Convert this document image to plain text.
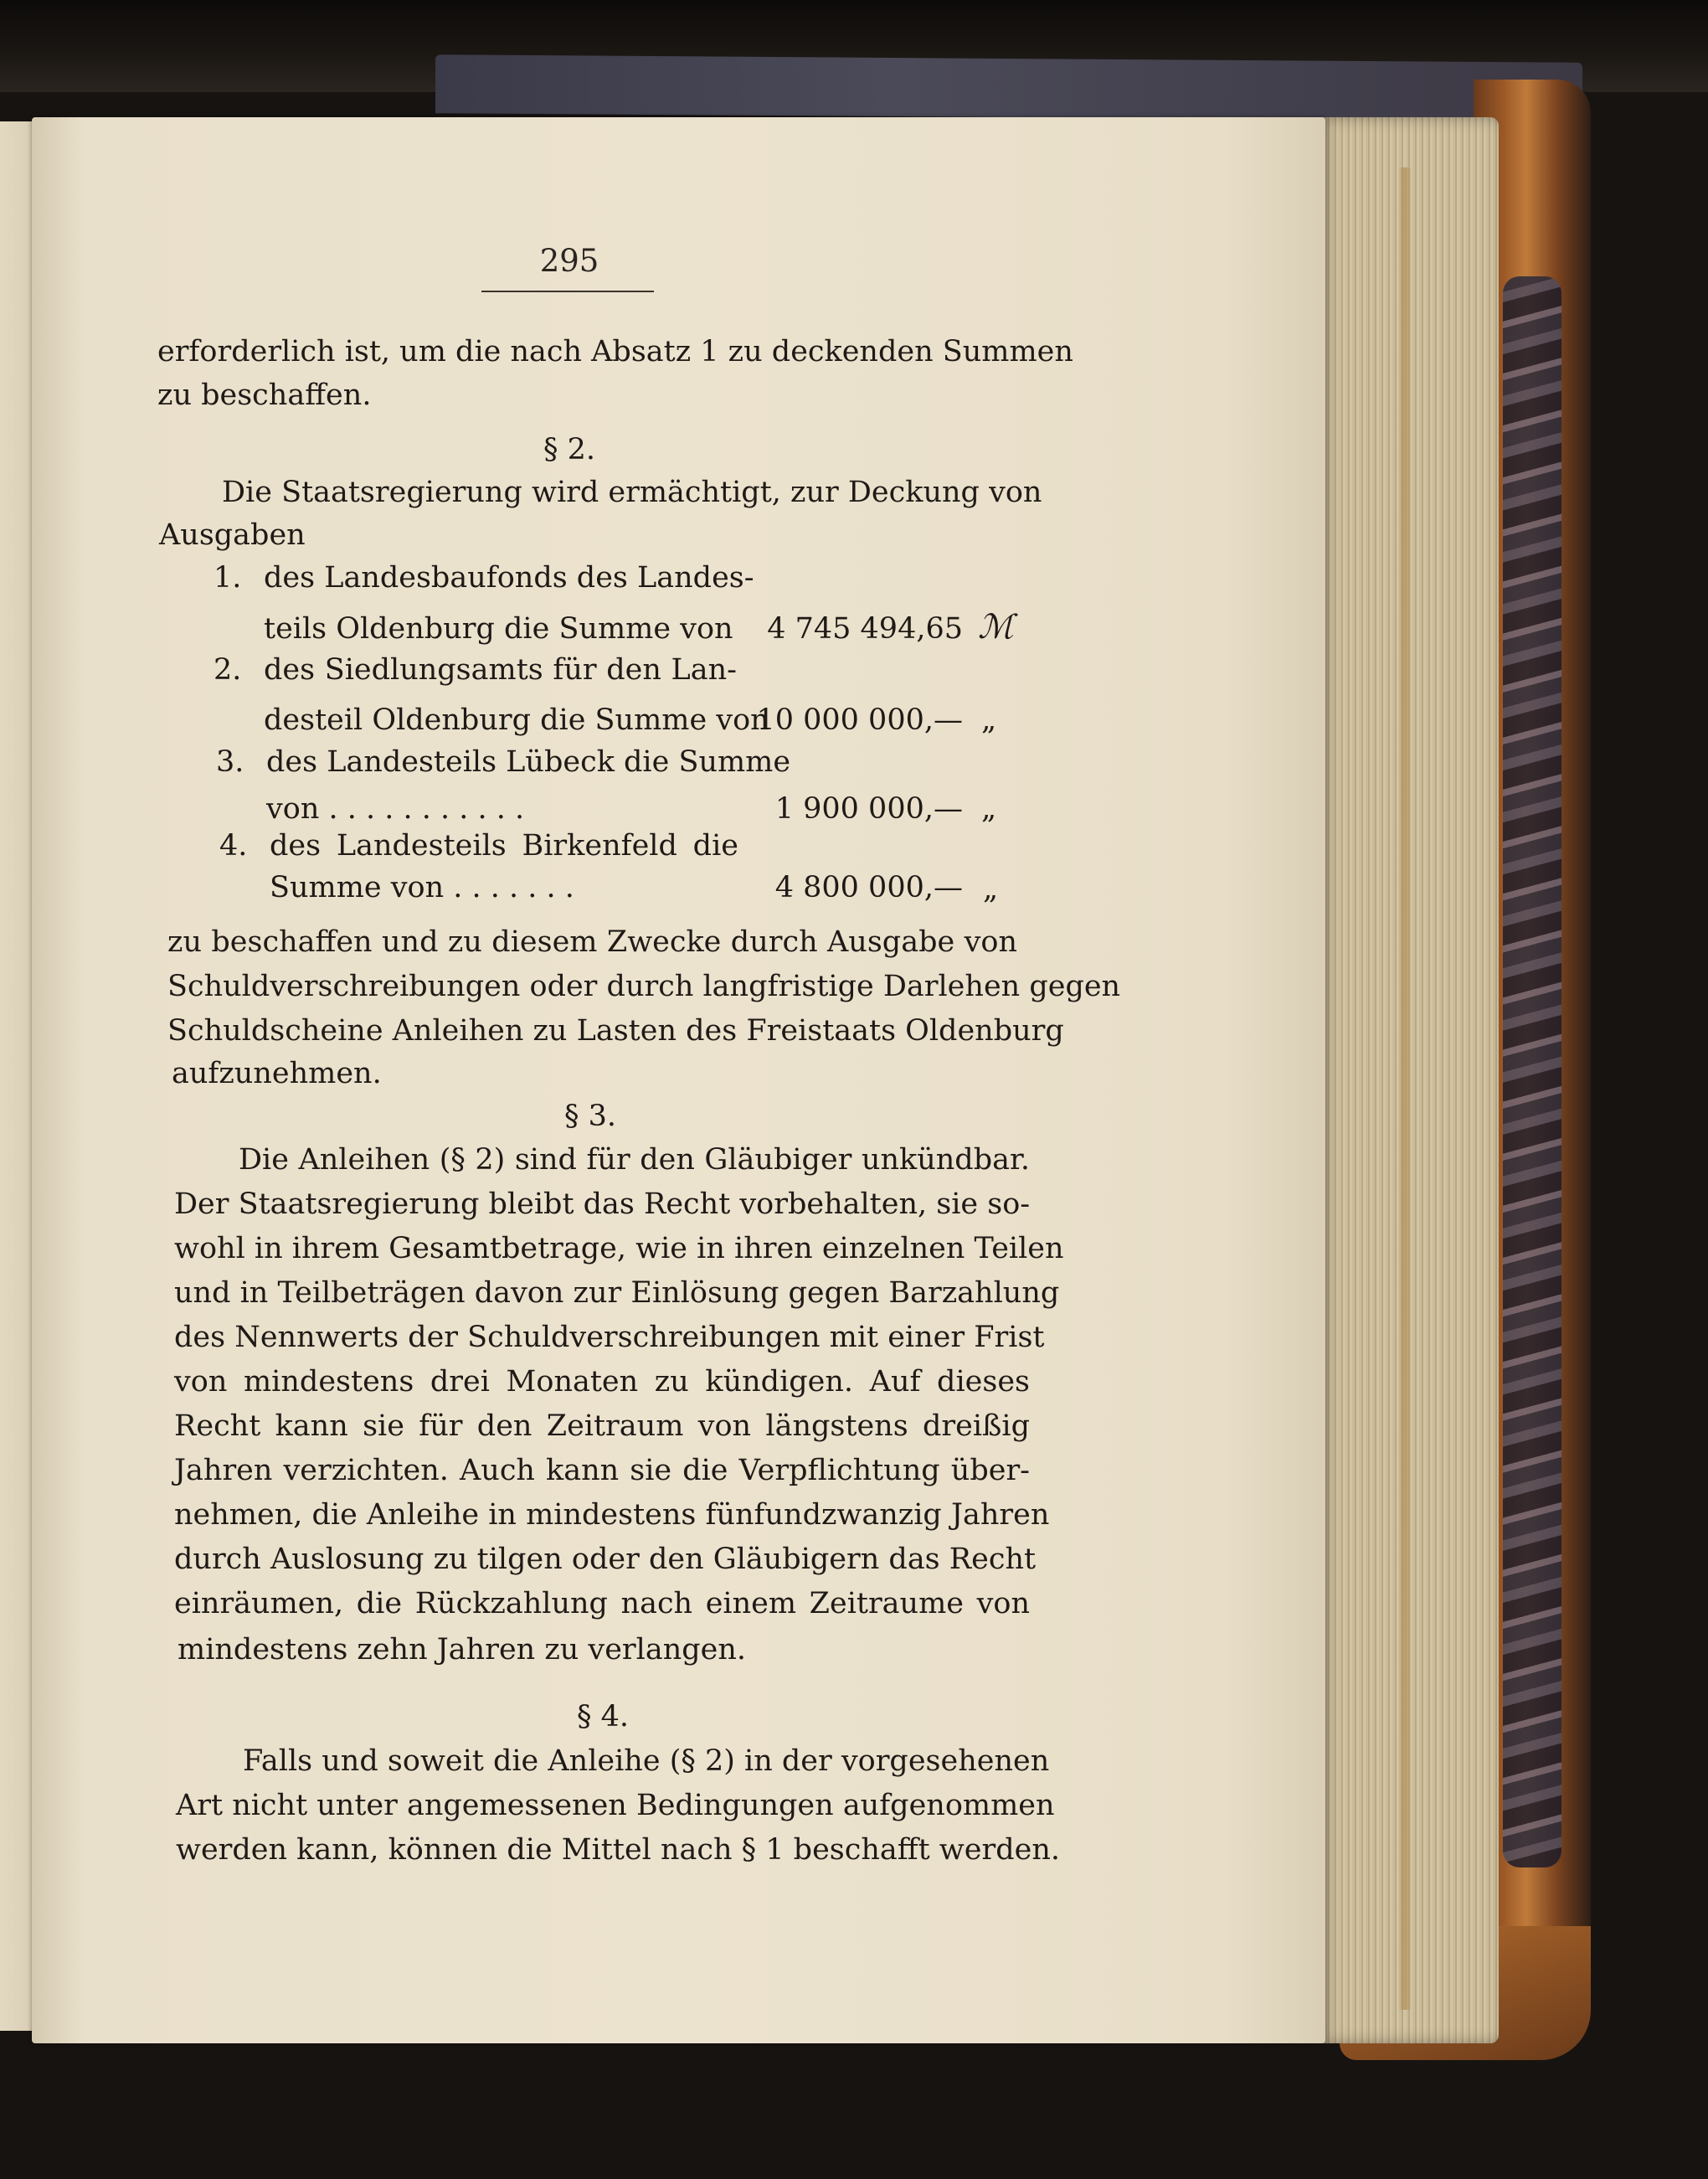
295
erforderlich ist, um die nach Absatz 1 zu deckenden Summen
zu beschaffen.
§ 2.
Die Staatsregierung wird ermächtigt, zur Deckung von
Ausgaben
1. des Landesbaufonds des Landes-
teils Oldenburg die Summe von	4 745 494,65 ℳ
2. des Siedlungsamts für den Lan-
desteil Oldenburg die Summe von
10 000 000,— „
3. des Landesteils Lübeck die Summe
von . . . . . . . . . . .	1 900 000,— „
4. des Landesteils Birkenfeld die
Summe von . . . . . . .	4 800 000,— „
zu beschaffen und zu diesem Zwecke durch Ausgabe von
Schuldverschreibungen oder durch langfristige Darlehen gegen
Schuldscheine Anleihen zu Lasten des Freistaats Oldenburg
aufzunehmen.
§ 3.
Die Anleihen (§ 2) sind für den Gläubiger unkündbar.
Der Staatsregierung bleibt das Recht vorbehalten, sie so-
wohl in ihrem Gesamtbetrage, wie in ihren einzelnen Teilen
und in Teilbeträgen davon zur Einlösung gegen Barzahlung
des Nennwerts der Schuldverschreibungen mit einer Frist
von mindestens drei Monaten zu kündigen. Auf dieses
Recht kann sie für den Zeitraum von längstens dreißig
Jahren verzichten. Auch kann sie die Verpflichtung über-
nehmen, die Anleihe in mindestens fünfundzwanzig Jahren
durch Auslosung zu tilgen oder den Gläubigern das Recht
einräumen, die Rückzahlung nach einem Zeitraume von
mindestens zehn Jahren zu verlangen.
§ 4.
Falls und soweit die Anleihe (§ 2) in der vorgesehenen
Art nicht unter angemessenen Bedingungen aufgenommen
werden kann, können die Mittel nach § 1 beschafft werden.
